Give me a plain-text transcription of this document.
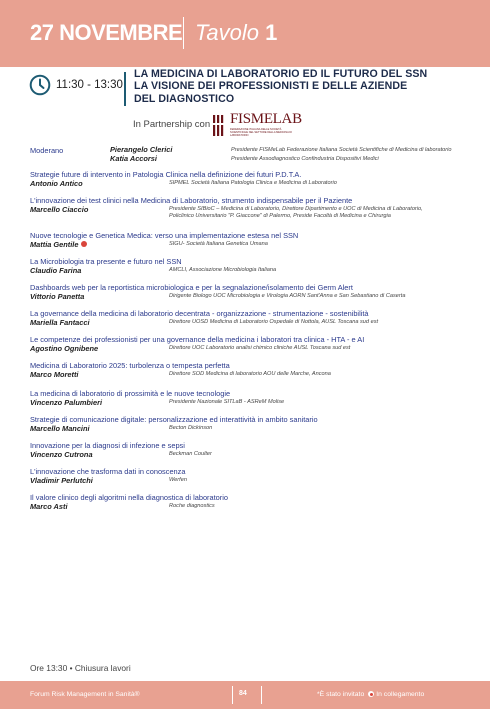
27 NOVEMBRE Tavolo 1
11:30 - 13:30
LA MEDICINA DI LABORATORIO ED IL FUTURO DEL SSN
LA VISIONE DEI PROFESSIONISTI E DELLE AZIENDE
DEL DIAGNOSTICO
In Partnership con FISMELAB
FEDERAZIONE ITALIANA DELLE SOCIETÀ SCIENTIFICHE NEL SETTORE DELLA MEDICINA DI LABORATORIO
Moderano	Pierangelo Clerici	Presidente FISMeLab Federazione Italiana Società Scientifiche di Medicina di laboratorio
Katia Accorsi	Presidente Assodiagnostico Confindustria Dispositivi Medici
Strategie future di intervento in Patologia Clinica nella definizione dei futuri P.D.T.A.
Antonio Antico	SIPMEL Società Italiana Patologia Clinica e Medicina di Laboratorio
L'innovazione dei test clinici nella Medicina di Laboratorio, strumento indispensabile per il Paziente
Marcello Ciaccio	Presidente SIBioC – Medicina di Laboratorio, Direttore Dipartimento e UOC di Medicina di Laboratorio,
Policlinico Universitario "P. Giaccone" di Palermo, Preside Facoltà di Medicina e Chirurgia
Nuove tecnologie e Genetica Medica: verso una implementazione estesa nel SSN
Mattia Gentile	SIGU- Società Italiana Genetica Umana
La Microbiologia tra presente e futuro nel SSN
Claudio Farina	AMCLI, Associazione Microbiologia Italiana
Dashboards web per la reportistica microbiologica e per la segnalazione/isolamento dei Germ Alert
Vittorio Panetta	Dirigente Biologo UOC Microbiologia e Virologia AORN Sant'Anna e San Sebastiano di Caserta
La governance della medicina di laboratorio decentrata - organizzazione - strumentazione - sostenibilità
Mariella Fantacci	Direttore UOSD Medicina di Laboratorio Ospedale di Nottola, AUSL Toscana sud est
Le competenze dei professionisti per una governance della medicina i laboratori tra clinica - HTA - e AI
Agostino Ognibene	Direttore UOC Laboratorio analisi chimico cliniche AUSL Toscana sud est
Medicina di Laboratorio 2025: turbolenza o tempesta perfetta
Marco Moretti	Direttore SOD Medicina di laboratorio AOU delle Marche, Ancona
La medicina di laboratorio di prossimità e le nuove tecnologie
Vincenzo Palumbieri	Presidente Nazionale SITLaB - ASReM Molise
Strategie di comunicazione digitale: personalizzazione ed interattività in ambito sanitario
Marcello Mancini	Becton Dickinson
Innovazione per la diagnosi di infezione e sepsi
Vincenzo Cutrona	Beckman Coulter
L'innovazione che trasforma dati in conoscenza
Vladimir Perlutchi	Werfen
Il valore clinico degli algoritmi nella diagnostica di laboratorio
Marco Asti	Roche diagnostics
Ore 13:30 • Chiusura lavori
Forum Risk Management in Sanità®	84	*È stato invitato In collegamento
